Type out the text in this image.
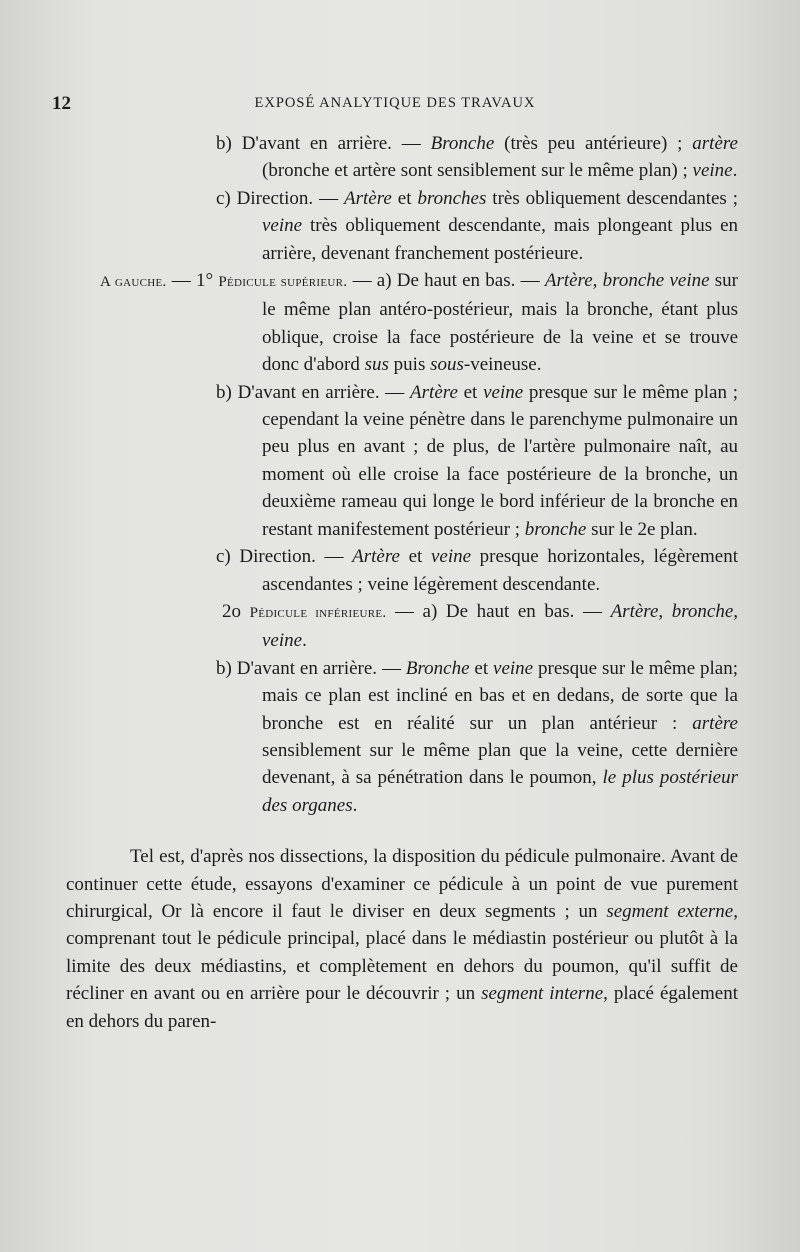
12	EXPOSÉ ANALYTIQUE DES TRAVAUX

b) D'avant en arrière. — Bronche (très peu antérieure) ; artère (bronche et artère sont sensiblement sur le même plan) ; veine.

c) Direction. — Artère et bronches très obliquement descendantes ; veine très obliquement descendante, mais plongeant plus en arrière, devenant franchement postérieure.

A gauche. — 1° Pédicule supérieur. — a) De haut en bas. — Artère, bronche veine sur le même plan antéro-postérieur, mais la bronche, étant plus oblique, croise la face postérieure de la veine et se trouve donc d'abord sus puis sous-veineuse.

b) D'avant en arrière. — Artère et veine presque sur le même plan ; cependant la veine pénètre dans le parenchyme pulmonaire un peu plus en avant ; de plus, de l'artère pulmonaire naît, au moment où elle croise la face postérieure de la bronche, un deuxième rameau qui longe le bord inférieur de la bronche en restant manifestement postérieur ; bronche sur le 2e plan.

c) Direction. — Artère et veine presque horizontales, légèrement ascendantes ; veine légèrement descendante.

2o Pédicule inférieure. — a) De haut en bas. — Artère, bronche, veine.

b) D'avant en arrière. — Bronche et veine presque sur le même plan; mais ce plan est incliné en bas et en dedans, de sorte que la bronche est en réalité sur un plan antérieur : artère sensiblement sur le même plan que la veine, cette dernière devenant, à sa pénétration dans le poumon, le plus postérieur des organes.

Tel est, d'après nos dissections, la disposition du pédicule pulmonaire. Avant de continuer cette étude, essayons d'examiner ce pédicule à un point de vue purement chirurgical, Or là encore il faut le diviser en deux segments ; un segment externe, comprenant tout le pédicule principal, placé dans le médiastin postérieur ou plutôt à la limite des deux médiastins, et complètement en dehors du poumon, qu'il suffit de récliner en avant ou en arrière pour le découvrir ; un segment interne, placé également en dehors du paren-
